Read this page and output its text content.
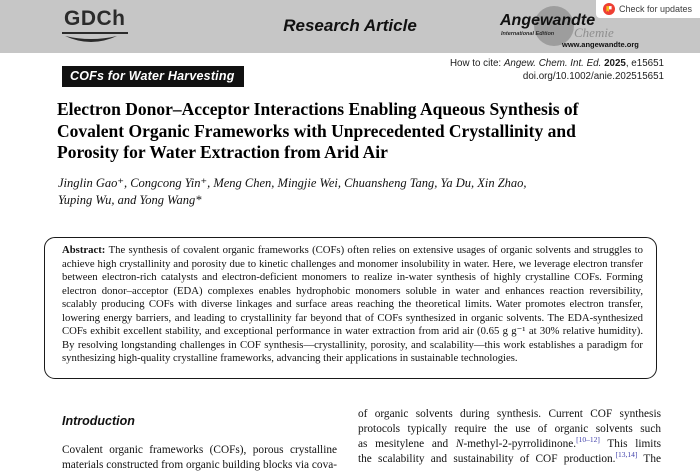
GDCh	Research Article	Angewandte
International Edition Chemie
www.angewandte.org
Check for updates
How to cite: Angew. Chem. Int. Ed. 2025, e15651
doi.org/10.1002/anie.202515651
COFs for Water Harvesting
Electron Donor–Acceptor Interactions Enabling Aqueous Synthesis of
Covalent Organic Frameworks with Unprecedented Crystallinity and
Porosity for Water Extraction from Arid Air
Jinglin Gao⁺, Congcong Yin⁺, Meng Chen, Mingjie Wei, Chuansheng Tang, Ya Du, Xin Zhao,
Yuping Wu, and Yong Wang*

Abstract: The synthesis of covalent organic frameworks (COFs) often relies on extensive usages of organic solvents and struggles to achieve high crystallinity and porosity due to kinetic challenges and monomer insolubility in water. Here, we leverage electron transfer between electron-rich catalysts and electron-deficient monomers to realize in-water synthesis of highly crystalline COFs. Forming electron donor–acceptor (EDA) complexes enables hydrophobic monomers soluble in water and enhances reaction reversibility, scalably producing COFs with diverse linkages and surface areas reaching the theoretical limits. Water promotes electron transfer, lowering energy barriers, and leading to crystallinity far beyond that of COFs synthesized in organic solvents. The EDA-synthesized COFs exhibit excellent stability, and exceptional performance in water extraction from arid air (0.65 g g⁻¹ at 30% relative humidity). By resolving longstanding challenges in COF synthesis—crystallinity, porosity, and scalability—this work establishes a paradigm for synthesizing high-quality crystalline frameworks, advancing their applications in sustainable technologies.

Introduction
Covalent organic frameworks (COFs), porous crystalline
materials constructed from organic building blocks via cova-
of organic solvents during synthesis. Current COF synthesis
protocols typically require the use of organic solvents such
as mesitylene and N-methyl-2-pyrrolidinone.[10–12] This limits
the scalability and sustainability of COF production.[13,14] The
